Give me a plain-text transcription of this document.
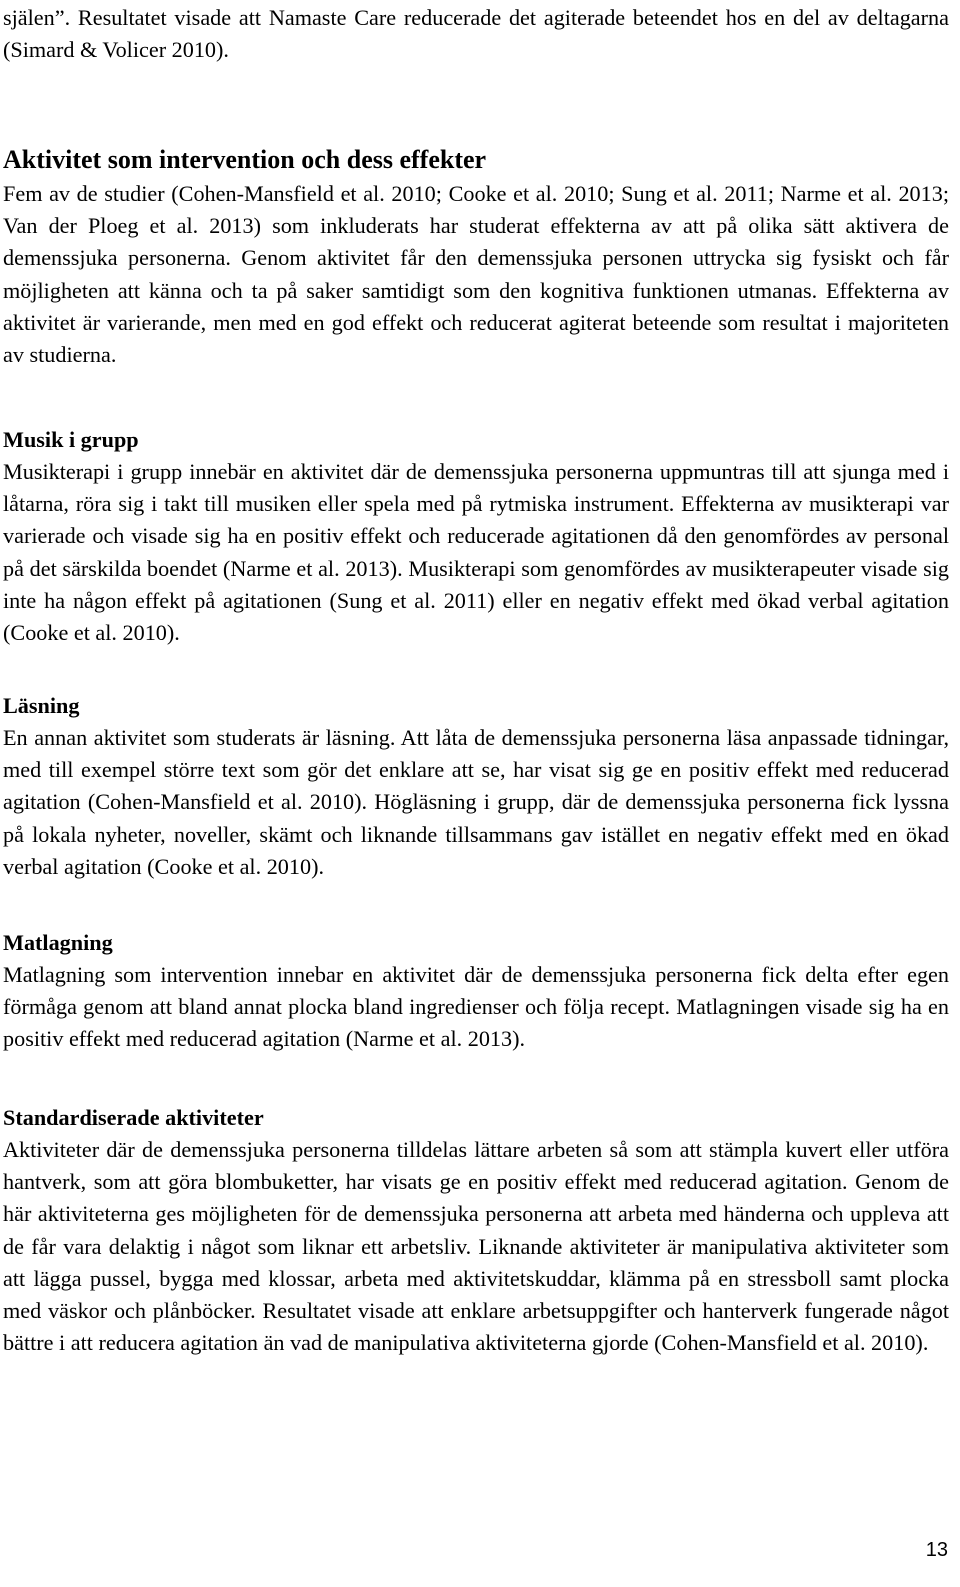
själen”. Resultatet visade att Namaste Care reducerade det agiterade beteendet hos en del av deltagarna (Simard & Volicer 2010).

Aktivitet som intervention och dess effekter

Fem av de studier (Cohen-Mansfield et al. 2010; Cooke et al. 2010; Sung et al. 2011; Narme et al. 2013; Van der Ploeg et al. 2013) som inkluderats har studerat effekterna av att på olika sätt aktivera de demenssjuka personerna. Genom aktivitet får den demenssjuka personen uttrycka sig fysiskt och får möjligheten att känna och ta på saker samtidigt som den kognitiva funktionen utmanas. Effekterna av aktivitet är varierande, men med en god effekt och reducerat agiterat beteende som resultat i majoriteten av studierna.

Musik i grupp

Musikterapi i grupp innebär en aktivitet där de demenssjuka personerna uppmuntras till att sjunga med i låtarna, röra sig i takt till musiken eller spela med på rytmiska instrument. Effekterna av musikterapi var varierade och visade sig ha en positiv effekt och reducerade agitationen då den genomfördes av personal på det särskilda boendet (Narme et al. 2013). Musikterapi som genomfördes av musikterapeuter visade sig inte ha någon effekt på agitationen (Sung et al. 2011) eller en negativ effekt med ökad verbal agitation (Cooke et al. 2010).

Läsning

En annan aktivitet som studerats är läsning. Att låta de demenssjuka personerna läsa anpassade tidningar, med till exempel större text som gör det enklare att se, har visat sig ge en positiv effekt med reducerad agitation (Cohen-Mansfield et al. 2010). Högläsning i grupp, där de demenssjuka personerna fick lyssna på lokala nyheter, noveller, skämt och liknande tillsammans gav istället en negativ effekt med en ökad verbal agitation (Cooke et al. 2010).

Matlagning

Matlagning som intervention innebar en aktivitet där de demenssjuka personerna fick delta efter egen förmåga genom att bland annat plocka bland ingredienser och följa recept. Matlagningen visade sig ha en positiv effekt med reducerad agitation (Narme et al. 2013).

Standardiserade aktiviteter

Aktiviteter där de demenssjuka personerna tilldelas lättare arbeten så som att stämpla kuvert eller utföra hantverk, som att göra blombuketter, har visats ge en positiv effekt med reducerad agitation. Genom de här aktiviteterna ges möjligheten för de demenssjuka personerna att arbeta med händerna och uppleva att de får vara delaktig i något som liknar ett arbetsliv. Liknande aktiviteter är manipulativa aktiviteter som att lägga pussel, bygga med klossar, arbeta med aktivitetskuddar, klämma på en stressboll samt plocka med väskor och plånböcker. Resultatet visade att enklare arbetsuppgifter och hanterverk fungerade något bättre i att reducera agitation än vad de manipulativa aktiviteterna gjorde (Cohen-Mansfield et al. 2010).

13
